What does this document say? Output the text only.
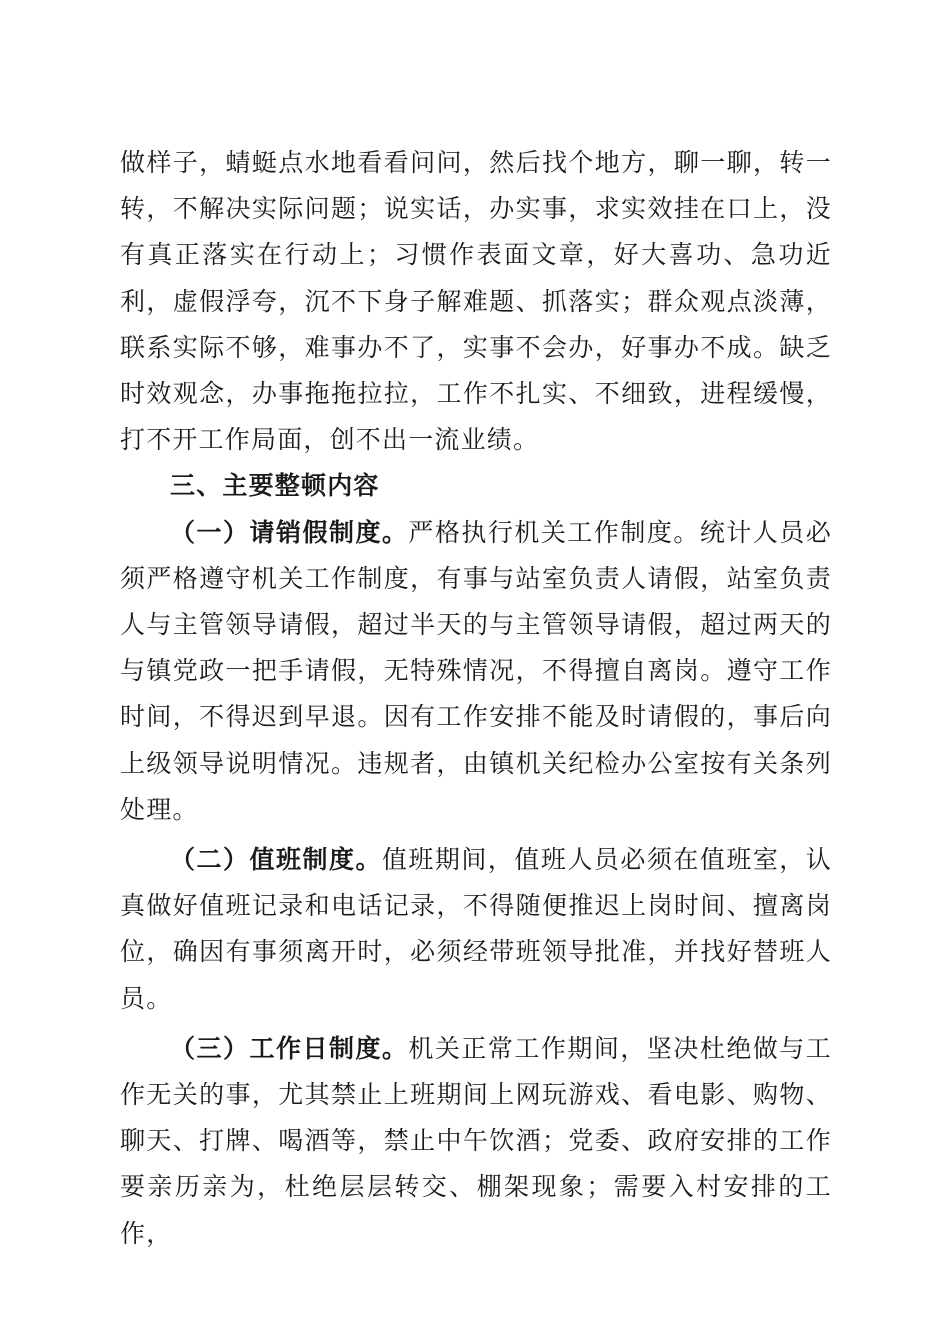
做样子，蜻蜓点水地看看问问，然后找个地方，聊一聊，转一转，不解决实际问题；说实话，办实事，求实效挂在口上，没有真正落实在行动上；习惯作表面文章，好大喜功、急功近利，虚假浮夸，沉不下身子解难题、抓落实；群众观点淡薄，联系实际不够，难事办不了，实事不会办，好事办不成。缺乏时效观念，办事拖拖拉拉，工作不扎实、不细致，进程缓慢，打不开工作局面，创不出一流业绩。

三、主要整顿内容

（一）请销假制度。严格执行机关工作制度。统计人员必须严格遵守机关工作制度，有事与站室负责人请假，站室负责人与主管领导请假，超过半天的与主管领导请假，超过两天的与镇党政一把手请假，无特殊情况，不得擅自离岗。遵守工作时间，不得迟到早退。因有工作安排不能及时请假的，事后向上级领导说明情况。违规者，由镇机关纪检办公室按有关条列处理。

（二）值班制度。值班期间，值班人员必须在值班室，认真做好值班记录和电话记录，不得随便推迟上岗时间、擅离岗位，确因有事须离开时，必须经带班领导批准，并找好替班人员。

（三）工作日制度。机关正常工作期间，坚决杜绝做与工作无关的事，尤其禁止上班期间上网玩游戏、看电影、购物、聊天、打牌、喝酒等，禁止中午饮酒；党委、政府安排的工作要亲历亲为，杜绝层层转交、棚架现象；需要入村安排的工作，
